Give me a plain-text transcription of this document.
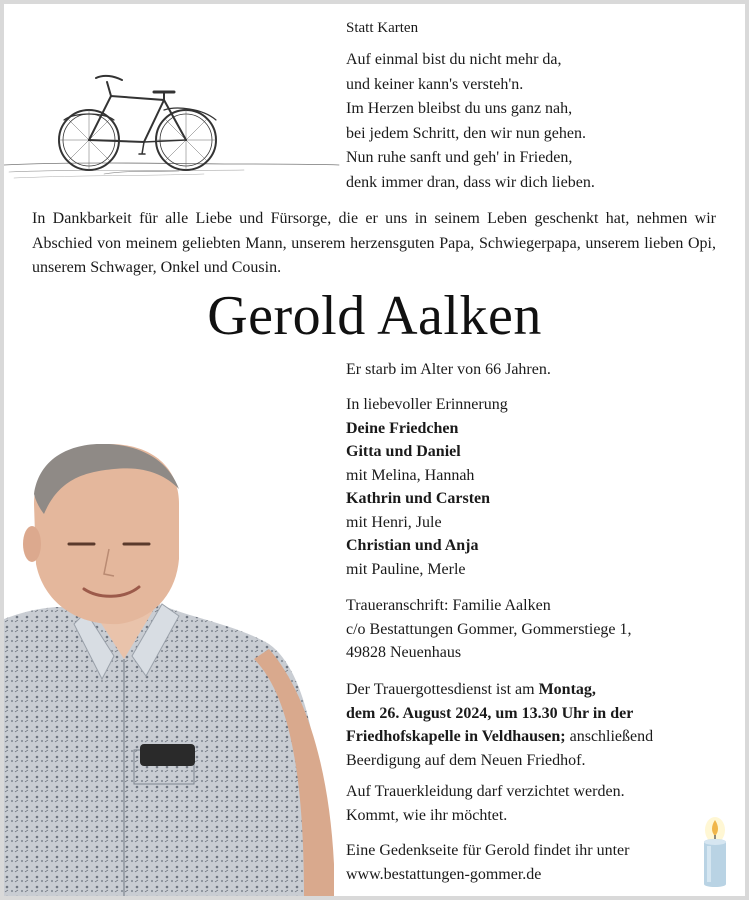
Statt Karten
Auf einmal bist du nicht mehr da,
und keiner kann's versteh'n.
Im Herzen bleibst du uns ganz nah,
bei jedem Schritt, den wir nun gehen.
Nun ruhe sanft und geh' in Frieden,
denk immer dran, dass wir dich lieben.
In Dankbarkeit für alle Liebe und Fürsorge, die er uns in seinem Leben geschenkt hat, nehmen wir Abschied von meinem geliebten Mann, unserem herzensguten Papa, Schwiegerpapa, unserem lieben Opi, unserem Schwager, Onkel und Cousin.
Gerold Aalken
Er starb im Alter von 66 Jahren.
In liebevoller Erinnerung
Deine Friedchen
Gitta und Daniel
mit Melina, Hannah
Kathrin und Carsten
mit Henri, Jule
Christian und Anja
mit Pauline, Merle
Traueranschrift: Familie Aalken
c/o Bestattungen Gommer, Gommerstiege 1,
49828 Neuenhaus
Der Trauergottesdienst ist am Montag,
dem 26. August 2024, um 13.30 Uhr in der
Friedhofskapelle in Veldhausen; anschließend
Beerdigung auf dem Neuen Friedhof.
Auf Trauerkleidung darf verzichtet werden.
Kommt, wie ihr möchtet.
Eine Gedenkseite für Gerold findet ihr unter
www.bestattungen-gommer.de
